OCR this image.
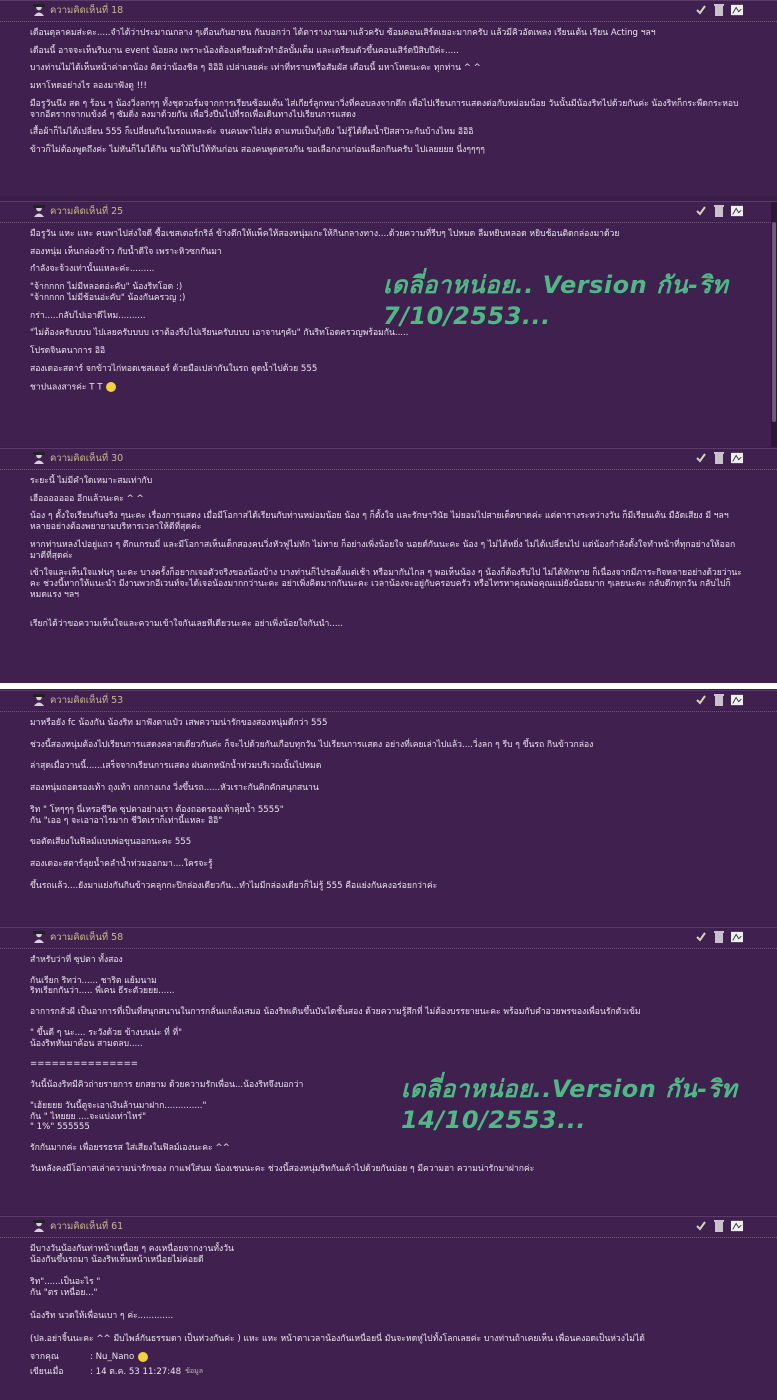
ความคิดเห็นที่ 18

เดือนตุลาคมส่ะคะ.....จำได้ว่าประมาณกลาง ๆเดือนกันยายน กันบอกว่า ได้ตารางงานมาแล้วครับ ซ้อมคอนเสิร์ตเยอะมากครับ แล้วมีคิวอัดเพลง เรียนเต้น เรียน Acting ฯลฯ

เดือนนี้ อาจจะเห็นริบงาน event น้อยลง เพราะน้องต้องเตรียมตัวทำอัลบั้มเต็ม และเตรียมตัวขึ้นคอนเสิร์ตปีสิบปีค่ะ.....

บางท่านไม่ได้เห็นหน้าค่าตาน้อง คิดว่าน้องชิล ๆ อิอิอิ เปล่าเลยค่ะ เท่าที่ทราบหรือสัมผัส เดือนนี้ มหาโหดนะคะ ทุกท่าน ^ ^

มหาโหดอย่างไร ลองมาฟังดู !!!

มือรูวันนึง สด ๆ ร้อน ๆ น้องวิ่งลกๆๆ ทั้งชุดวอร์มจากการเรียนซ้อมเต้น ไส่เกียร์ลูกหมาวิ่งที่คอบลงจากตึก เพื่อไปเรียนการแสดงต่อกับหม่อมน้อย วันนั้นมีน้องริทไปด้วยกันค่ะ น้องริทก็กระพืดกระหอบ จากอีตรากจากแข้งค์ ๆ ซัมดิ่ง ลงมาด้วยกัน เพื่อวิ่งปีนไปที่รถเพื่อเดินทางไปเรียนการแสดง

เสื้อผ้าก็ไม่ได้เปลี่ยน 555 ก็เปลี่ยนกันในรถแหละค่ะ จนคนพาไปส่ง ตาแทบเป็นกุ้งยิง ไม่รู้ได้ดื่มน้ำปิสสาวะกันบ้างไหม อิอิอิ

ข้าวก็ไม่ต้องพูดถึงค่ะ ไม่หันก็ไม่ได้กิน ขอให้ไปให้ทันก่อน สองคนพูดตรงกัน ขอเลือกงานก่อนเลือกกินครับ ไปเลยยยย นี่งๆๆๆๆ

ความคิดเห็นที่ 25

มือรูวัน แหะ แหะ คนพาไปส่งใจดี ซื้อเชสเตอร์กริล์ ข้างตึกให้แพ็คให้สองหนุ่มเกะให้กินกลางทาง....ด้วยความที่รีบๆ ไปหมด ลืมหยิบหลอด หยิบช้อนติดกล่องมาด้วย

สองหนุ่ม เห็นกล่องข้าว กับน้ำดีใจ เพราะหิวซกกันมา

กำลังจะจ้วงเท่านั้นแหละค่ะ.........

"จ้ากกกก ไม่มีหลอดอ่ะคับ" น้องริทโอด :)
"จ้ากกกก ไม่มีช้อนอ่ะคับ" น้องกันครวญ ;)

กร่า.....กลับไปเอาดีไหม..........

"ไม่ต้องครับบบบ ไปเลยครับบบบ เราต้องรีบไปเรียนครับบบบ เอาจานๆคับ" กันริทโอดครวญพร้อมกัน.....

โปรดจินตนาการ อิอิ

สองเดอะสตาร์ จกข้าวไก่ทอดเชสเตอร์ ด้วยมือเปล่ากันในรถ ดูดน้ำไปด้วย 555

ชาปนลงสารค่ะ T T

เดลี่อาหน่อย.. Version กัน-ริท
7/10/2553...
ความคิดเห็นที่ 30

ระยะนี้ ไม่มีคำใดเหมาะสมเท่ากับ

เฮือออออออ อีกแล้วนะคะ ^ ^

น้อง ๆ ตั้งใจเรียนกันจริง ๆนะคะ เรื่องการแสดง เมื่อมีโอกาสได้เรียนกับท่านหม่อมน้อย น้อง ๆ ก็ตั้งใจ และรักษาวินัย ไม่ยอมไปสายเด็ดขาดค่ะ แต่ตารางระหว่างวัน ก็มีเรียนเต้น มือัดเสียง มี ฯลฯ หลายอย่างต้องพยายามบริหารเวลาให้ดีที่สุดค่ะ

หากท่านหลงไปอยู่แถว ๆ ตึกแกรมมี่ และมีโอกาสเห็นเด็กสองคนวิ่งหัวฟูไม่ทัก ไม่ทาย ก็อย่างเพิ่งน้อยใจ นอยด์กันนะคะ น้อง ๆ ไม่ได้หยิ่ง ไม่ได้เปลี่ยนไป แต่น้องกำลังตั้งใจทำหน้าที่ทุกอย่างให้ออกมาดีที่สุดค่ะ

เข้าใจและเห็นใจแฟนๆ นะคะ บางครั้งก็อยากเจอตัวจริงของน้องบ้าง บางท่านก็ไปรอตั้งแต่เช้า หรือมากันไกล ๆ พอเห็นน้อง ๆ น้องก็ต้องรีบไป ไม่ได้ทักทาย ก็เนื่องจากมีภาระกิจหลายอย่างด้วยว่านะคะ ช่วงนี้หากให้แนะนำ มีงานพวกอีเวนท์จะได้เจอน้องมากกว่านะคะ อย่าเพิ่งคิดมากกันนะคะ เวลาน้องจะอยู่กับครอบครัว หรือไทรหาคุณพ่อคุณแม่ยังน้อยมาก ๆเลยนะคะ กลับดึกทุกวัน กลับไปก็หมดแรง ฯลฯ

เรียกได้ว่าขอความเห็นใจและความเข้าใจกันเลยทีเดียวนะคะ อย่าเพิ่งน้อยใจกันนำ.....

ความคิดเห็นที่ 53

มาหรือยัง fc น้องกัน น้องริท มาฟังตาแป๋ว เสพความน่ารักของสองหนุ่มดีกว่า 555

ช่วงนี้สองหนุ่มต้องไปเรียนการแสดงคลาสเดียวกันค่ะ ก็จะไปด้วยกันเกือบทุกวัน ไปเรียนการแสดง อย่างที่เคยเล่าไปแล้ว....วิ่งลก ๆ รีบ ๆ ขึ้นรถ กินข้าวกล่อง

ล่าสุดเมื่อวานนี้......เสร็จจากเรียนการแสดง ฝนตกหนักน้ำท่วมบริเวณนั้นไปหมด

สองหนุ่มถอดรองเท้า ถุงเท้า ถกกางเกง วิ่งขึ้นรถ......หัวเราะกันคิกคักสนุกสนาน

ริท " โหๆๆๆ นี่เหรอชีวิต ซุปตาอย่างเรา ต้องถอดรองเท้าลุยน้ำ 5555"
กัน "เออ ๆ จะเอาอาไรมาก ชีวิตเราก็เท่านี้แหละ อิอิ"

ขอตัดเสียงในฟิลม์แบบพ่อขุนออกนะคะ 555

สองเดอะสตาร์ลุยน้ำคลำน้ำท่วมออกมา....ใครจะรู้

ขึ้นรถแล้ว....ยังมาแย่งกันกินข้าวคลุกกะปิกล่องเดียวกัน...ทำไมมีกล่องเดียวก็ไม่รู้ 555 คือแย่งกันคงอร่อยกว่าค่ะ

ความคิดเห็นที่ 58

สำหรับว่าที่ ซุปตา ทั้งสอง

กันเรียก ริทว่า...... ชาริต แย้มนาม
ริทเรียกกันว่า..... พี่เคน ธีระตัวยยย......

อาการกลัวผี เป็นอาการที่เป็นที่สนุกสนานในการกลั่นแกล้งเสมอ น้องริทเดินขึ้นบันไดชั้นสอง ด้วยความรู้สึกที่ ไม่ต้องบรรยายนะคะ พร้อมกับคำอวยพรของเพื่อนรักตัวเข้ม

" ขึ้นดี ๆ นะ.... ระวังด้วย ข้างบนน่ะ ที่ ที่"
น้องริทหันมาค้อน สามตลบ.....

===============

วันนี้น้องริทมีคิวถ่ายรายการ ยกสยาม ด้วยความรักเพื่อน...น้องริทจึงบอกว่า

"เฮ้ยยยย วันนี้ตูจะเอาเงินล้านมาฝาก.............."
กัน " ไหยยย ....จะแบ่งเท่าไหร่"
" 1%" 555555

รักกันมากค่ะ เพื่อยรรธรส ใส่เสียงในฟิลม์เองนะคะ ^^

วันหลังคงมีโอกาสเล่าความน่ารักของ กาแฟใส่นม น้องเชนนะคะ ช่วงนี้สองหนุ่มริทกันเค้าไปด้วยกันบ่อย ๆ มีความฮา ความน่ารักมาฝากค่ะ

เดลี่อาหน่อย..Version กัน-ริท
14/10/2553...
ความคิดเห็นที่ 61

มีบางวันน้องกันท่าหน้าเหนื่อย ๆ คงเหนื่อยจากงานทั้งวัน
น้องกันขึ้นรถมา น้องริทเห็นหน้าเหนื่อยไม่ค่อยดี

ริท"......เป็นอะไร "
กัน "ตร เหนื่อย..."

น้องริท นวดให้เพื่อนเบา ๆ ค่ะ.............

(ปล.อย่าจิ้นนะคะ ^^ มีบไพล์กันธรรมดา เป็นห่วงกันค่ะ ) แหะ แหะ หน้าตาเวลาน้องกันเหนื่อยนี่ มันจะหดหู่ไปทั้งโลกเลยค่ะ บางท่านถ้าเคยเห็น เพื่อนคงอดเป็นห่วงไม่ได้

จากคุณ	: Nu_Nano
เขียนเมื่อ	: 14 ต.ค. 53 11:27:48 ข้อมูล
